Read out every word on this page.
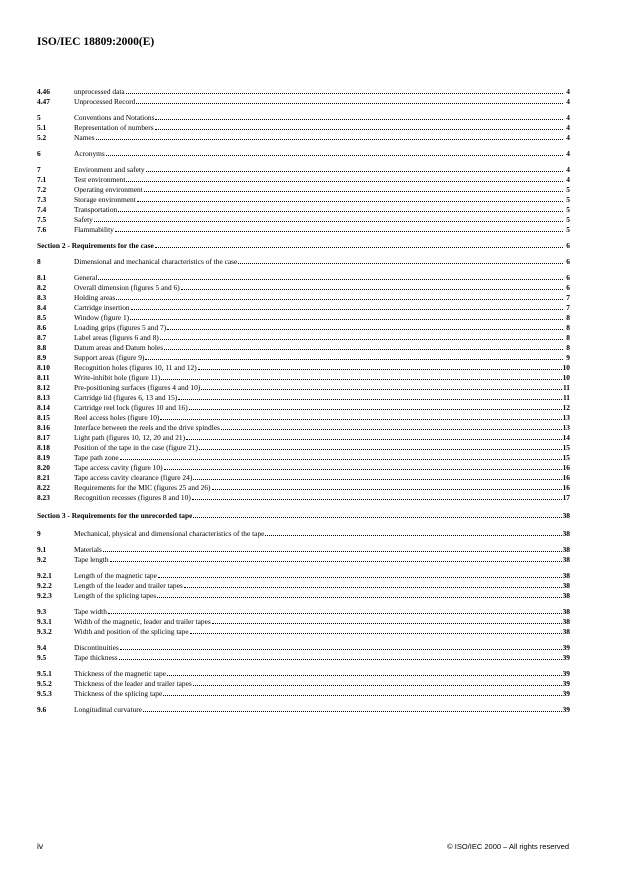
ISO/IEC 18809:2000(E)
4.46	unprocessed data	4
4.47	Unprocessed Record	4
5	Conventions and Notations	4
5.1	Representation of numbers	4
5.2	Names	4
6	Acronyms	4
7	Environment and safety	4
7.1	Test environment	4
7.2	Operating environment	5
7.3	Storage environment	5
7.4	Transportation	5
7.5	Safety	5
7.6	Flammability	5
Section 2 - Requirements for the case	6
8	Dimensional and mechanical characteristics of the case	6
8.1	General	6
8.2	Overall dimension (figures 5 and 6)	6
8.3	Holding areas	7
8.4	Cartridge insertion	7
8.5	Window (figure 1)	8
8.6	Loading grips (figures 5 and 7)	8
8.7	Label areas (figures 6 and 8)	8
8.8	Datum areas and Datum holes	8
8.9	Support areas (figure 9)	9
8.10	Recognition holes (figures 10, 11 and 12)	10
8.11	Write-inhibit hole (figure 11)	10
8.12	Pre-positioning surfaces (figures 4 and 10)	11
8.13	Cartridge lid (figures 6, 13 and 15)	11
8.14	Cartridge reel lock (figures 10 and 16)	12
8.15	Reel access holes (figure 10)	13
8.16	Interface between the reels and the drive spindles	13
8.17	Light path (figures 10, 12, 20 and 21)	14
8.18	Position of the tape in the case (figure 21)	15
8.19	Tape path zone	15
8.20	Tape access cavity (figure 10)	16
8.21	Tape access cavity clearance (figure 24)	16
8.22	Requirements for the MIC (figures 25 and 26)	16
8.23	Recognition recesses (figures 8 and 10)	17
Section 3 - Requirements for the unrecorded tape	38
9	Mechanical, physical and dimensional characteristics of the tape	38
9.1	Materials	38
9.2	Tape length	38
9.2.1	Length of the magnetic tape	38
9.2.2	Length of the leader and trailer tapes	38
9.2.3	Length of the splicing tapes	38
9.3	Tape width	38
9.3.1	Width of the magnetic, leader and trailer tapes	38
9.3.2	Width and position of the splicing tape	38
9.4	Discontinuities	39
9.5	Tape thickness	39
9.5.1	Thickness of the magnetic tape	39
9.5.2	Thickness of the leader and trailer tapes	39
9.5.3	Thickness of the splicing tape	39
9.6	Longitudinal curvature	39
iv	© ISO/IEC 2000 – All rights reserved
